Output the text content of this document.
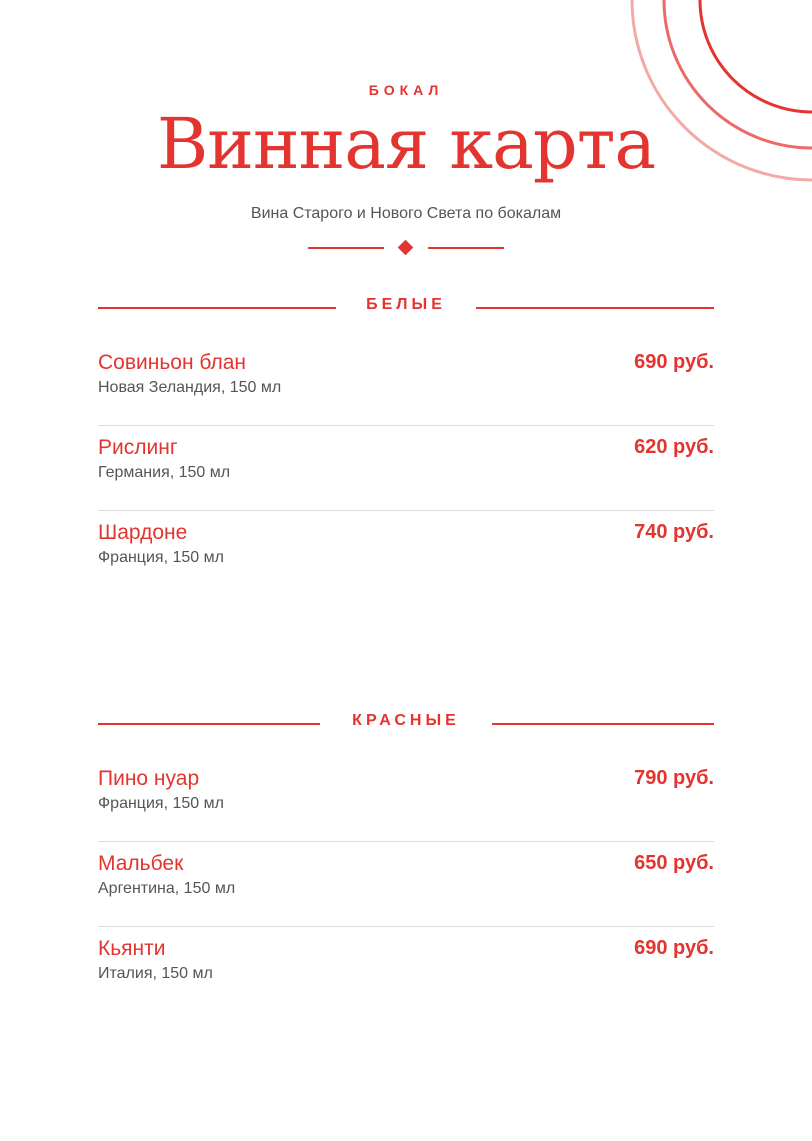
БОКАЛ
Винная карта
Вина Старого и Нового Света по бокалам
БЕЛЫЕ
Совиньон блан
Новая Зеландия, 150 мл
690 руб.
Рислинг
Германия, 150 мл
620 руб.
Шардоне
Франция, 150 мл
740 руб.
КРАСНЫЕ
Пино нуар
Франция, 150 мл
790 руб.
Мальбек
Аргентина, 150 мл
650 руб.
Кьянти
Италия, 150 мл
690 руб.
